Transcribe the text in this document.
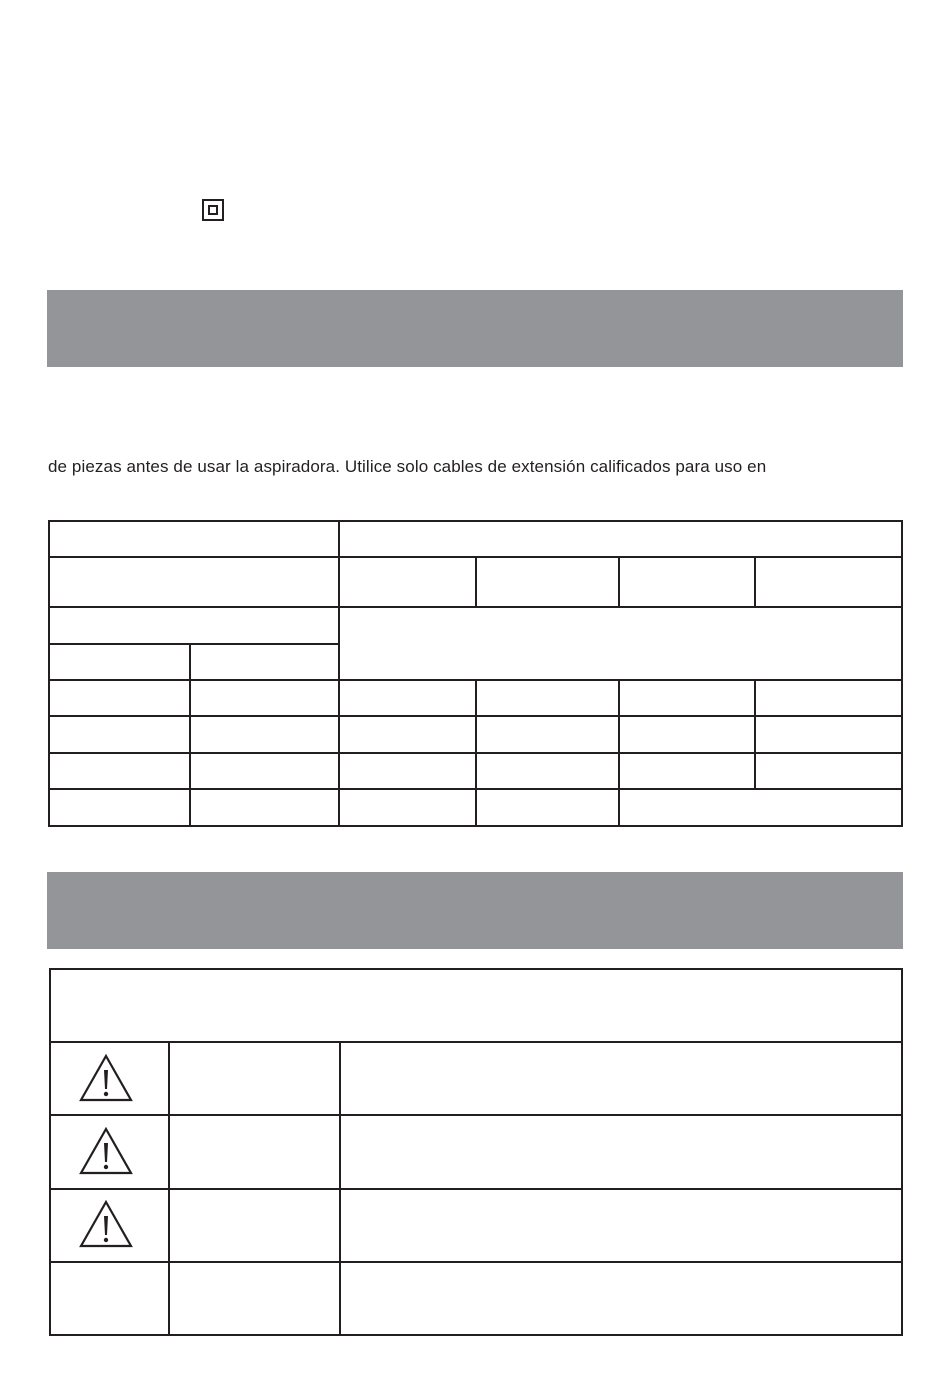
de piezas antes de usar la aspiradora. Utilice solo cables de extensión calificados para uso en
